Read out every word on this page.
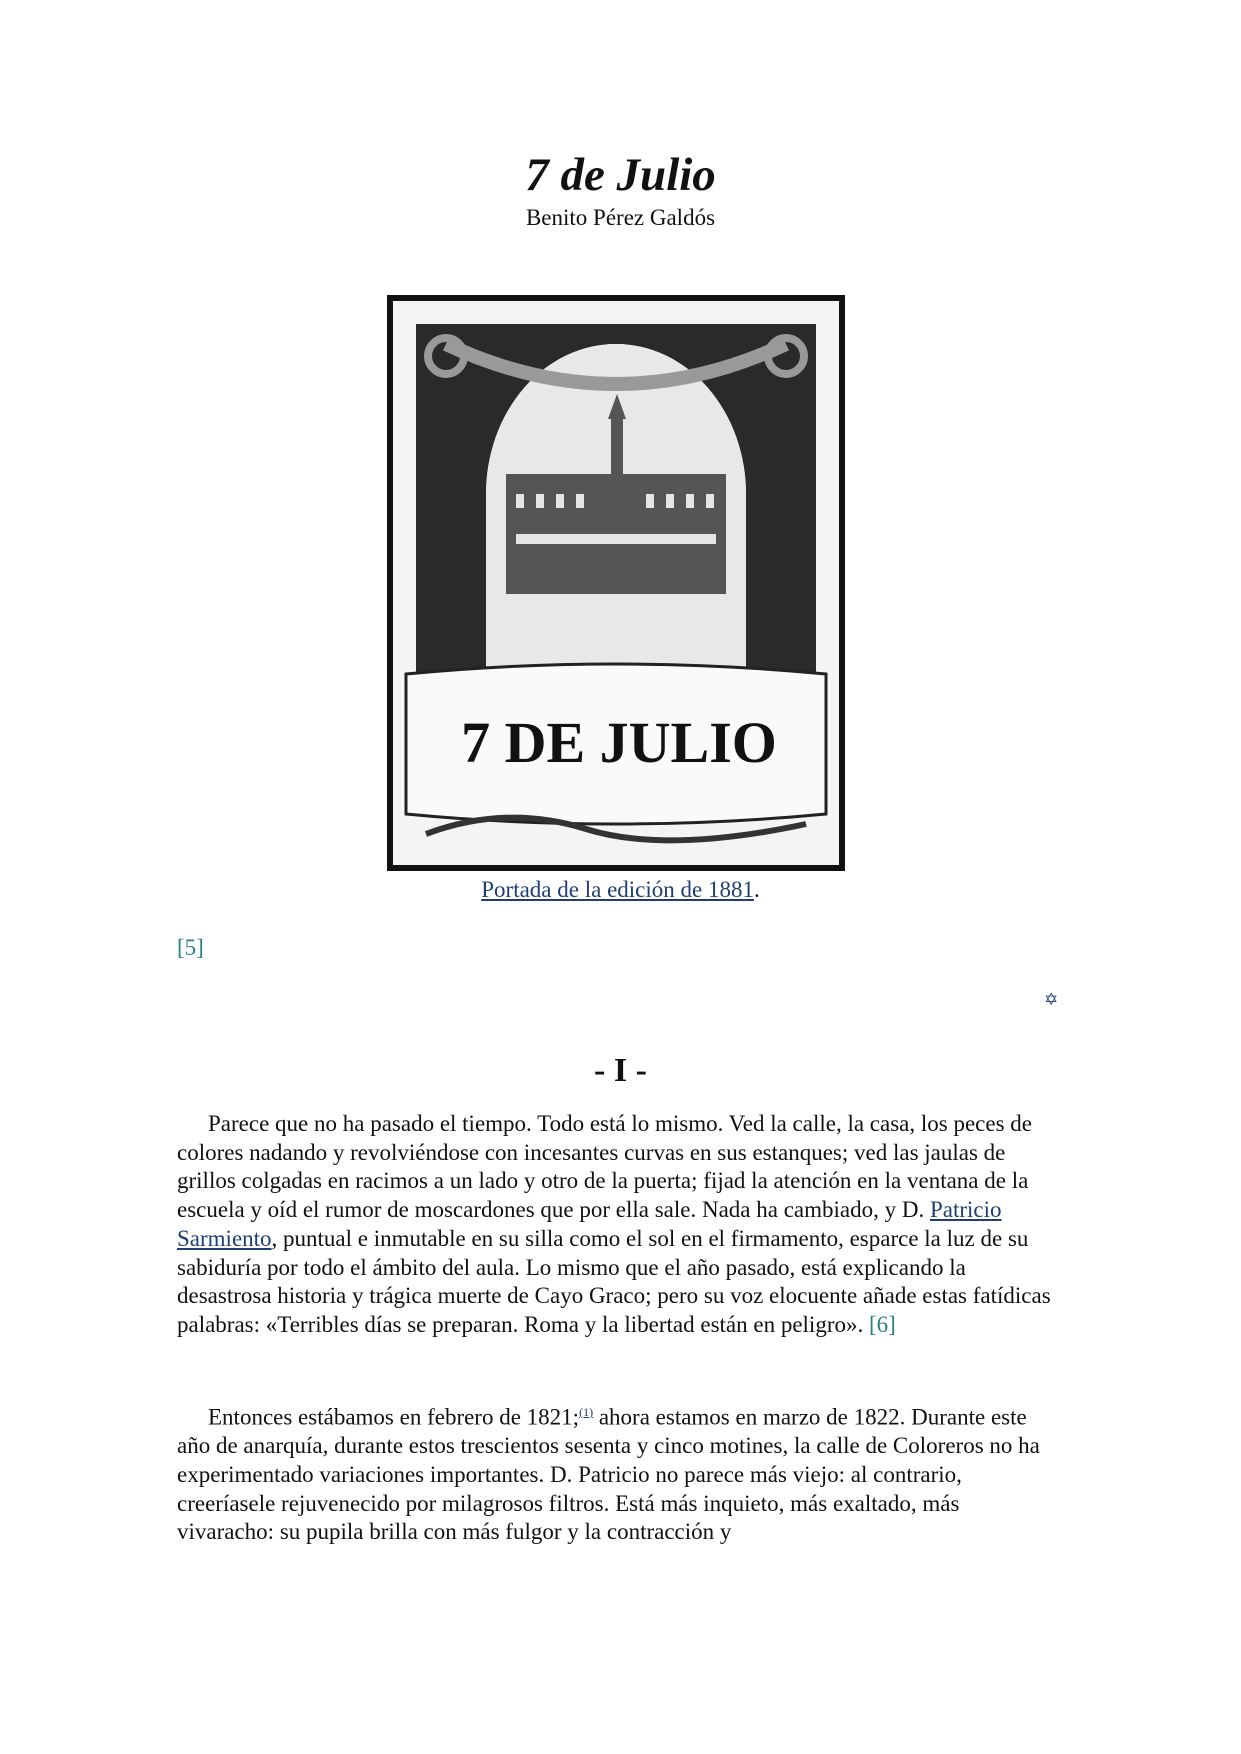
7 de Julio
Benito Pérez Galdós
7 DE JULIO
Portada de la edición de 1881.
[5]
✡
- I -

Parece que no ha pasado el tiempo. Todo está lo mismo. Ved la calle, la casa, los peces de colores nadando y revolviéndose con incesantes curvas en sus estanques; ved las jaulas de grillos colgadas en racimos a un lado y otro de la puerta; fijad la atención en la ventana de la escuela y oíd el rumor de moscardones que por ella sale. Nada ha cambiado, y D. Patricio Sarmiento, puntual e inmutable en su silla como el sol en el firmamento, esparce la luz de su sabiduría por todo el ámbito del aula. Lo mismo que el año pasado, está explicando la desastrosa historia y trágica muerte de Cayo Graco; pero su voz elocuente añade estas fatídicas palabras: «Terribles días se preparan. Roma y la libertad están en peligro». [6]

Entonces estábamos en febrero de 1821;$^{(1)}$ ahora estamos en marzo de 1822. Durante este año de anarquía, durante estos trescientos sesenta y cinco motines, la calle de Coloreros no ha experimentado variaciones importantes. D. Patricio no parece más viejo: al contrario, creeríasele rejuvenecido por milagrosos filtros. Está más inquieto, más exaltado, más vivaracho: su pupila brilla con más fulgor y la contracción y
